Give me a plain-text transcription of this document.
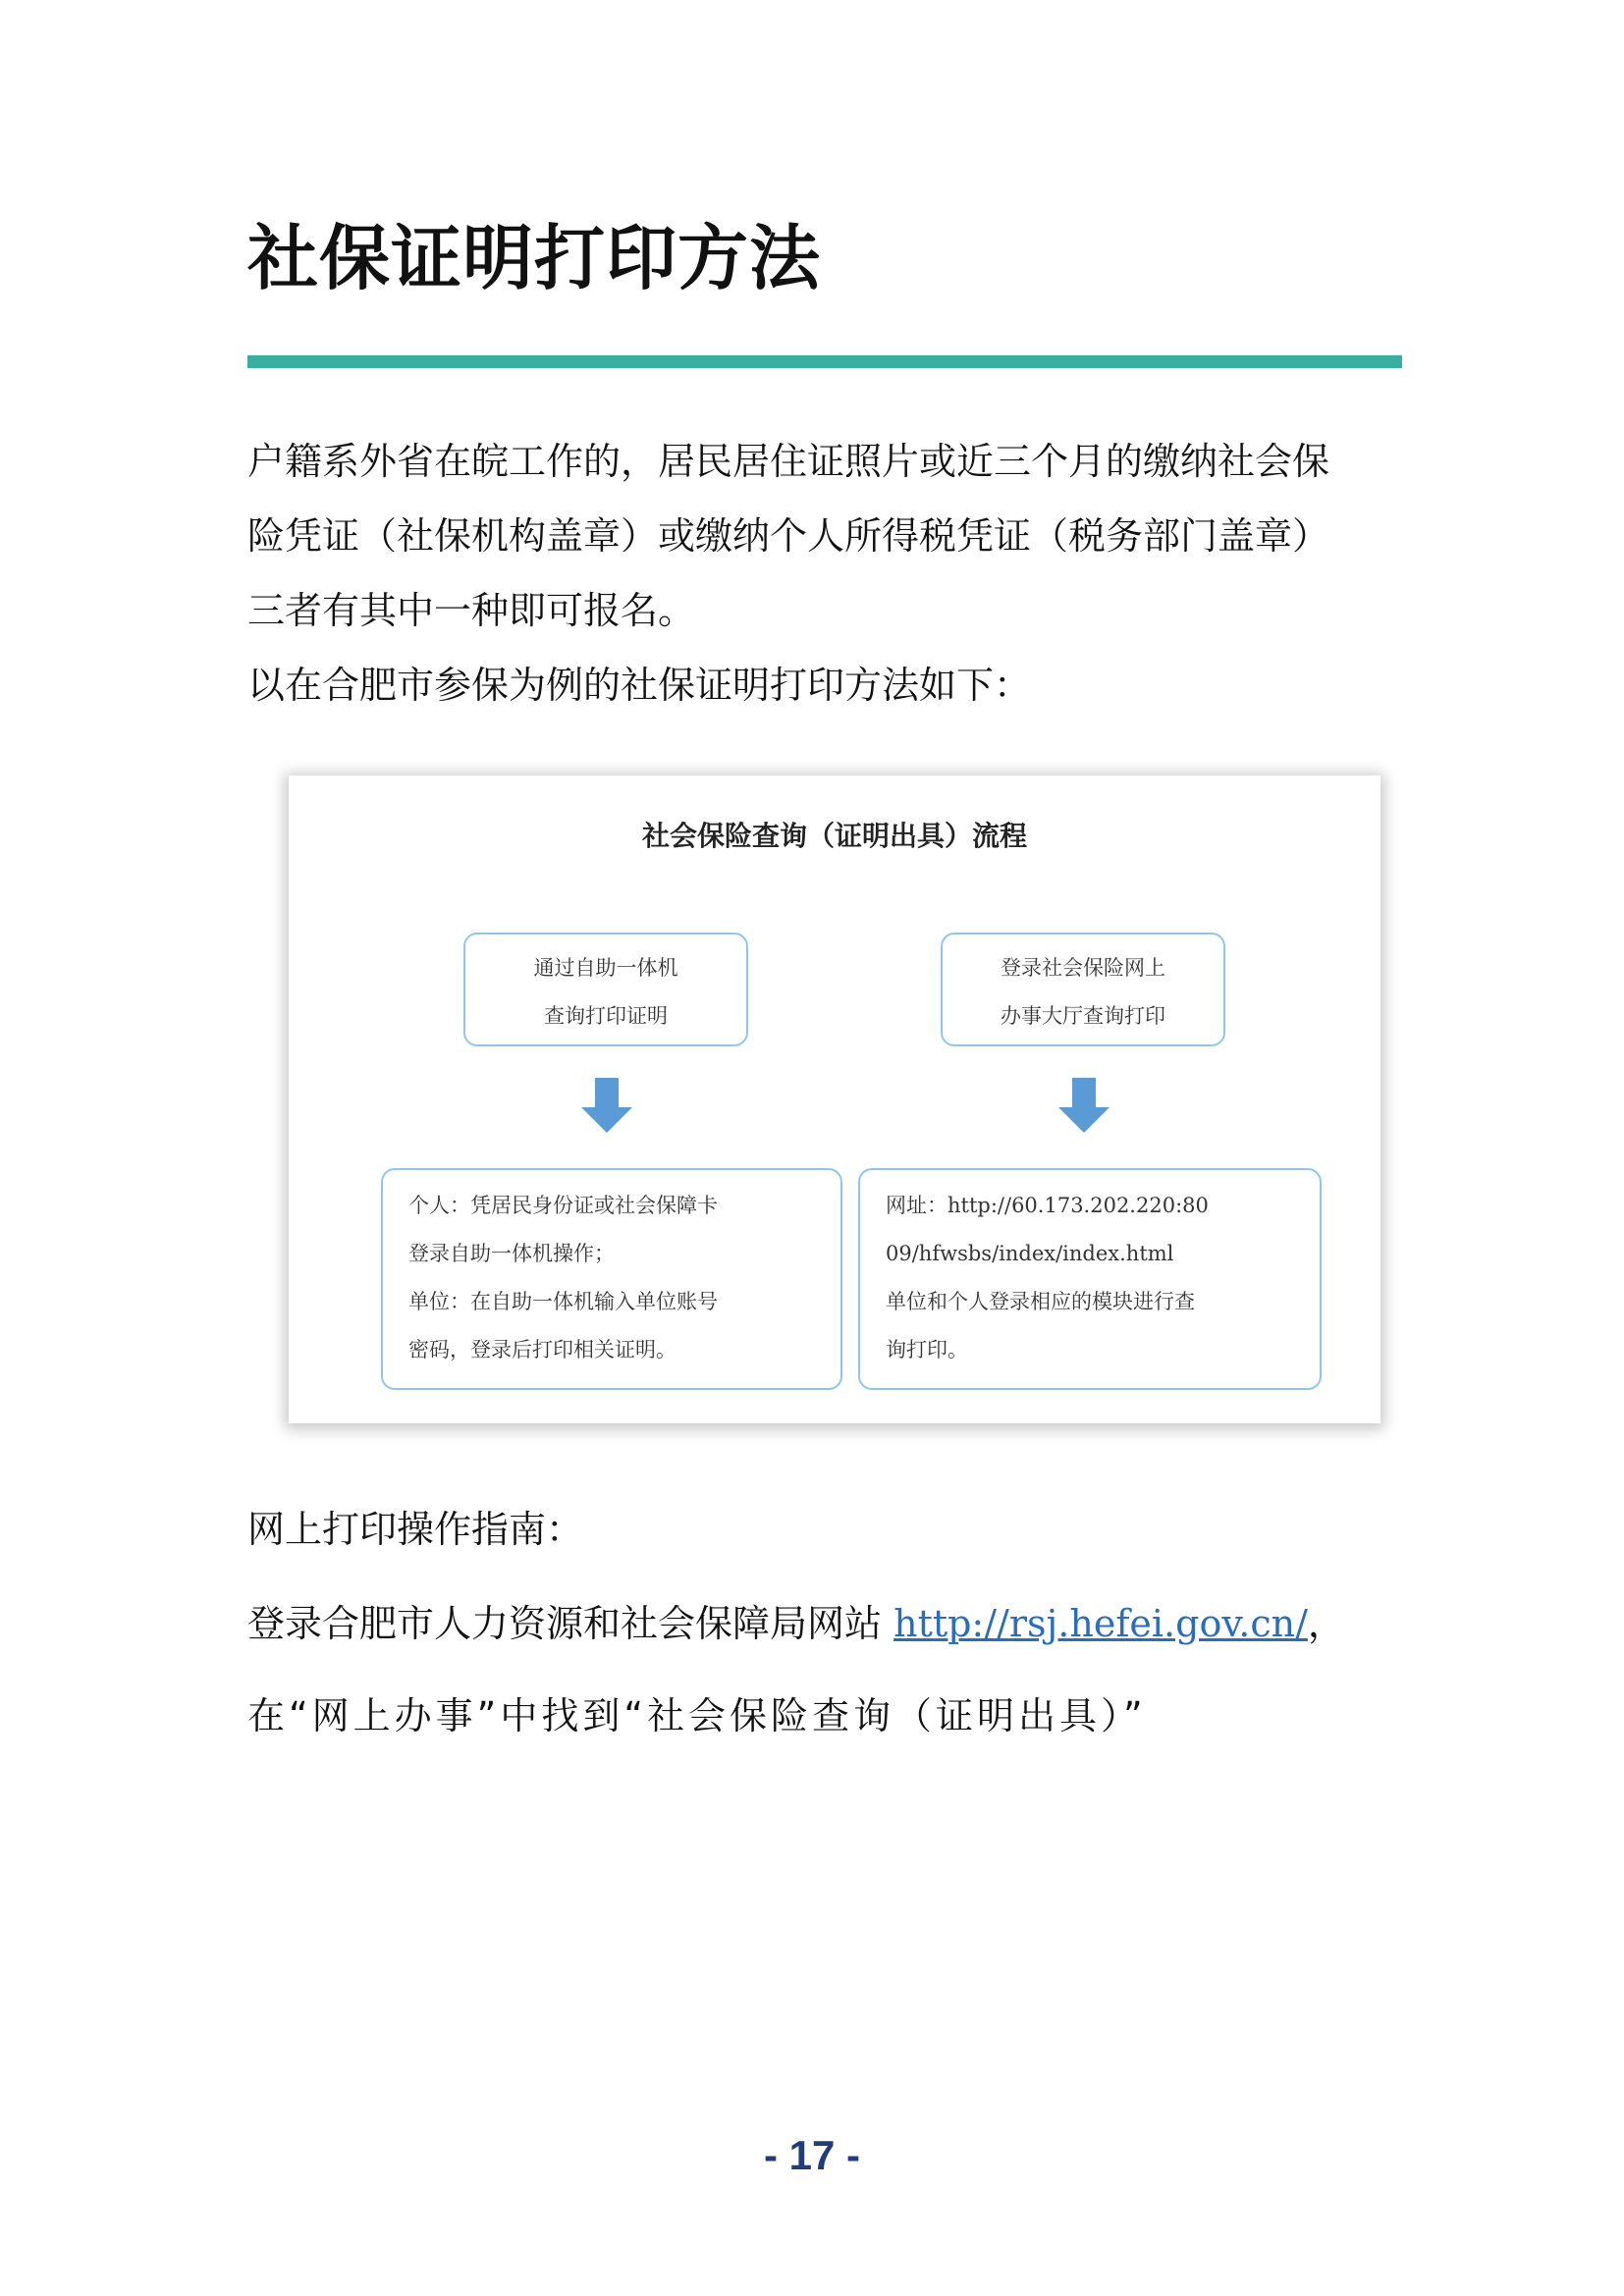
社保证明打印方法

户籍系外省在皖工作的，居民居住证照片或近三个月的缴纳社会保

险凭证（社保机构盖章）或缴纳个人所得税凭证（税务部门盖章）

三者有其中一种即可报名。

以在合肥市参保为例的社保证明打印方法如下：

社会保险查询（证明出具）流程
通过自助一体机
查询打印证明
登录社会保险网上
办事大厅查询打印
个人：凭居民身份证或社会保障卡
登录自助一体机操作；
单位：在自助一体机输入单位账号
密码，登录后打印相关证明。
网址：http://60.173.202.220:80
09/hfwsbs/index/index.html
单位和个人登录相应的模块进行查
询打印。

网上打印操作指南：

登录合肥市人力资源和社会保障局网站 http://rsj.hefei.gov.cn/，

在“网上办事”中找到“社会保险查询（证明出具）”

- 17 -
